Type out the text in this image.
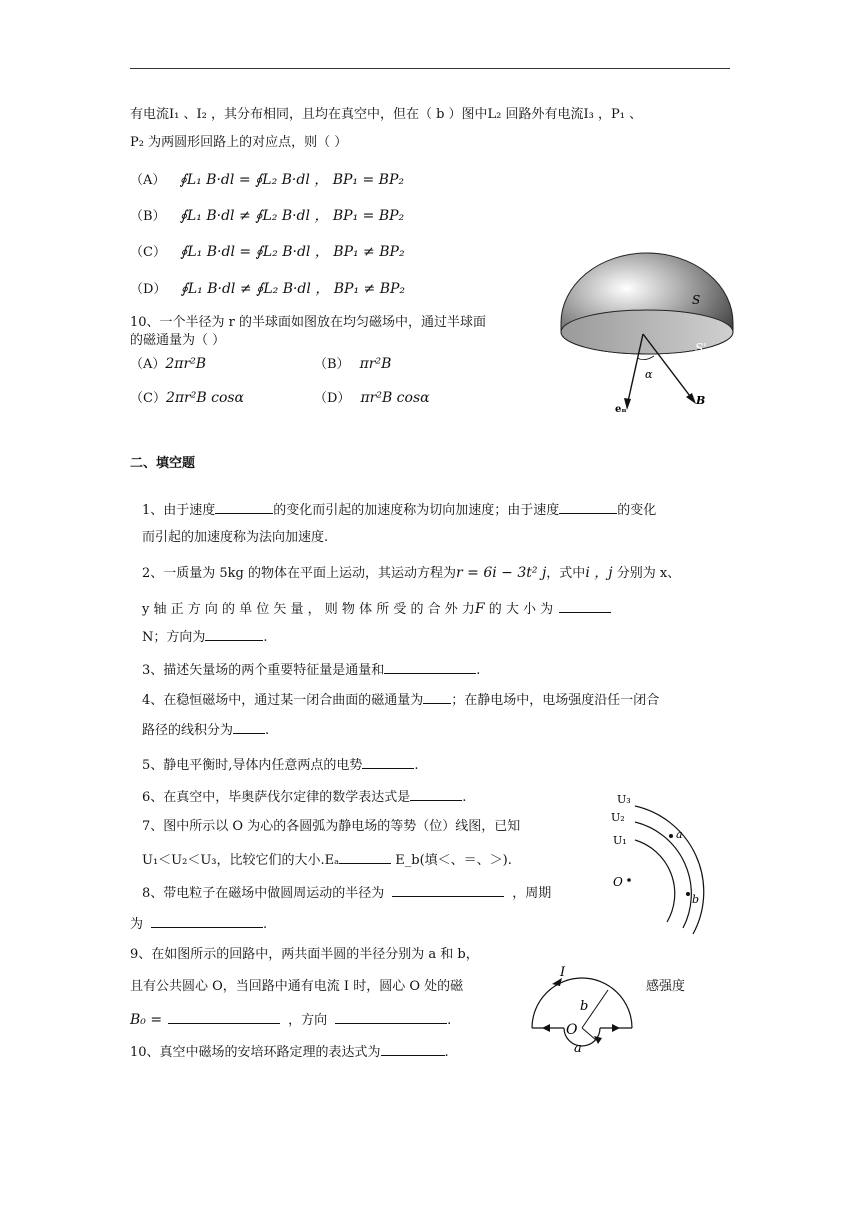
有电流I₁ 、I₂ ，其分布相同，且均在真空中，但在（ b ）图中L₂ 回路外有电流I₃ ，P₁ 、
P₂ 为两圆形回路上的对应点，则（ ）
（A） ∮L₁ B·dl = ∮L₂ B·dl ， BP₁ = BP₂
（B） ∮L₁ B·dl ≠ ∮L₂ B·dl ， BP₁ = BP₂
（C） ∮L₁ B·dl = ∮L₂ B·dl ， BP₁ ≠ BP₂
（D） ∮L₁ B·dl ≠ ∮L₂ B·dl ， BP₁ ≠ BP₂
10、一个半径为 r 的半球面如图放在均匀磁场中，通过半球面
的磁通量为（ ）
（A）2πr²B	（B） πr²B
（C）2πr²B cosα	（D） πr²B cosα
S
S'
α
eₙ
B
二、填空题
1、由于速度	的变化而引起的加速度称为切向加速度；由于速度	的变化
而引起的加速度称为法向加速度.
2、一质量为 5kg 的物体在平面上运动，其运动方程为r = 6i − 3t² j，式中i ，j 分别为 x、
y 轴 正 方 向 的 单 位 矢 量 ， 则 物 体 所 受 的 合 外 力F 的 大 小 为
N；方向为	.
3、描述矢量场的两个重要特征量是通量和	.
4、在稳恒磁场中，通过某一闭合曲面的磁通量为 ；在静电场中，电场强度沿任一闭合
路径的线积分为 .
5、静电平衡时,导体内任意两点的电势	.
6、在真空中，毕奥萨伐尔定律的数学表达式是	.
7、图中所示以 O 为心的各圆弧为静电场的等势（位）线图，已知
U₁＜U₂＜U₃，比较它们的大小.Eₐ	E_b(填＜、＝、＞).
U₃
U₂
U₁
O
a
b
8、带电粒子在磁场中做圆周运动的半径为	，周期
为	.
9、在如图所示的回路中，两共面半圆的半径分别为 a 和 b，
且有公共圆心 O，当回路中通有电流 I 时，圆心 O 处的磁	感强度
B₀ =	，方向	.
I
b
O
a
10、真空中磁场的安培环路定理的表达式为	.
